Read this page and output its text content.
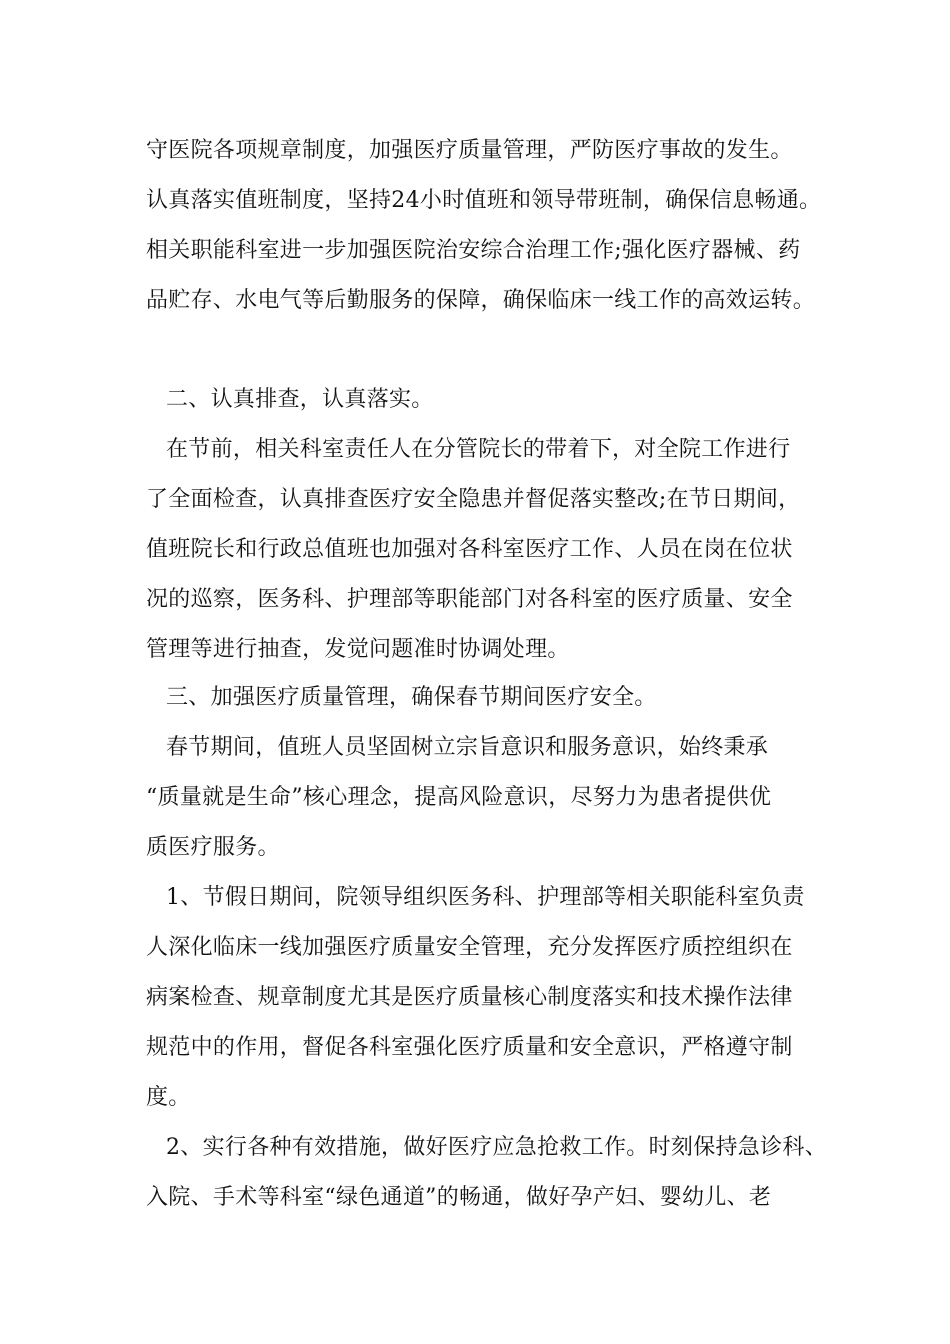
守医院各项规章制度，加强医疗质量管理，严防医疗事故的发生。
认真落实值班制度，坚持24小时值班和领导带班制，确保信息畅通。
相关职能科室进一步加强医院治安综合治理工作;强化医疗器械、药
品贮存、水电气等后勤服务的保障，确保临床一线工作的高效运转。
二、认真排查，认真落实。
在节前，相关科室责任人在分管院长的带着下，对全院工作进行
了全面检查，认真排查医疗安全隐患并督促落实整改;在节日期间，
值班院长和行政总值班也加强对各科室医疗工作、人员在岗在位状
况的巡察，医务科、护理部等职能部门对各科室的医疗质量、安全
管理等进行抽查，发觉问题准时协调处理。
三、加强医疗质量管理，确保春节期间医疗安全。
春节期间，值班人员坚固树立宗旨意识和服务意识，始终秉承
“质量就是生命”核心理念，提高风险意识，尽努力为患者提供优
质医疗服务。
1、节假日期间，院领导组织医务科、护理部等相关职能科室负责
人深化临床一线加强医疗质量安全管理，充分发挥医疗质控组织在
病案检查、规章制度尤其是医疗质量核心制度落实和技术操作法律
规范中的作用，督促各科室强化医疗质量和安全意识，严格遵守制
度。
2、实行各种有效措施，做好医疗应急抢救工作。时刻保持急诊科、
入院、手术等科室“绿色通道”的畅通，做好孕产妇、婴幼儿、老
